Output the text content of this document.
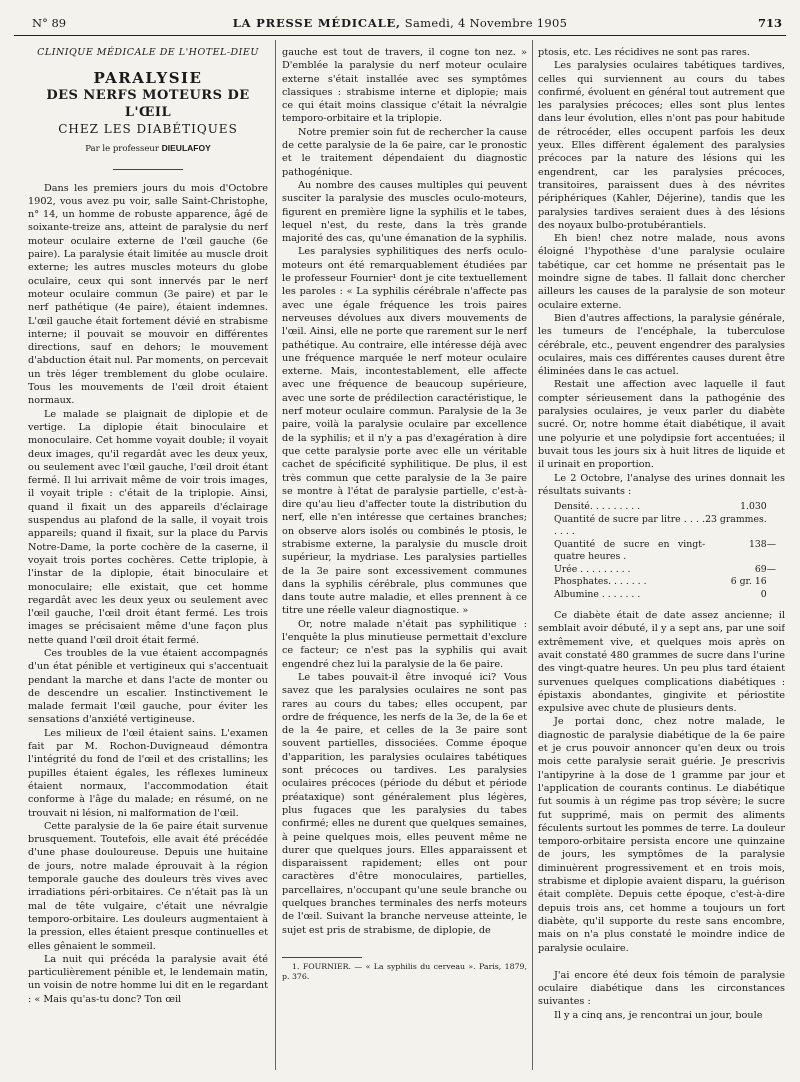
N° 89	LA PRESSE MÉDICALE, Samedi, 4 Novembre 1905	713

CLINIQUE MÉDICALE DE L'HOTEL-DIEU

PARALYSIE

DES NERFS MOTEURS DE L'ŒIL

CHEZ LES DIABÉTIQUES

Par le professeur DIEULAFOY

Dans les premiers jours du mois d'Octobre 1902, vous avez pu voir, salle Saint-Christophe, n° 14, un homme de robuste apparence, âgé de soixante-treize ans, atteint de paralysie du nerf moteur oculaire externe de l'œil gauche (6e paire). La paralysie était limitée au muscle droit externe; les autres muscles moteurs du globe oculaire, ceux qui sont innervés par le nerf moteur oculaire commun (3e paire) et par le nerf pathétique (4e paire), étaient indemnes. L'œil gauche était fortement dévié en strabisme interne; il pouvait se mouvoir en différentes directions, sauf en dehors; le mouvement d'abduction était nul. Par moments, on percevait un très léger tremblement du globe oculaire. Tous les mouvements de l'œil droit étaient normaux.

Le malade se plaignait de diplopie et de vertige. La diplopie était binoculaire et monoculaire. Cet homme voyait double; il voyait deux images, qu'il regardât avec les deux yeux, ou seulement avec l'œil gauche, l'œil droit étant fermé. Il lui arrivait même de voir trois images, il voyait triple : c'était de la triplopie. Ainsi, quand il fixait un des appareils d'éclairage suspendus au plafond de la salle, il voyait trois appareils; quand il fixait, sur la place du Parvis Notre-Dame, la porte cochère de la caserne, il voyait trois portes cochères. Cette triplopie, à l'instar de la diplopie, était binoculaire et monoculaire; elle existait, que cet homme regardât avec les deux yeux ou seulement avec l'œil gauche, l'œil droit étant fermé. Les trois images se précisaient même d'une façon plus nette quand l'œil droit était fermé.

Ces troubles de la vue étaient accompagnés d'un état pénible et vertigineux qui s'accentuait pendant la marche et dans l'acte de monter ou de descendre un escalier. Instinctivement le malade fermait l'œil gauche, pour éviter les sensations d'anxiété vertigineuse.

Les milieux de l'œil étaient sains. L'examen fait par M. Rochon-Duvigneaud démontra l'intégrité du fond de l'œil et des cristallins; les pupilles étaient égales, les réflexes lumineux étaient normaux, l'accommodation était conforme à l'âge du malade; en résumé, on ne trouvait ni lésion, ni malformation de l'œil.

Cette paralysie de la 6e paire était survenue brusquement. Toutefois, elle avait été précédée d'une phase douloureuse. Depuis une huitaine de jours, notre malade éprouvait à la région temporale gauche des douleurs très vives avec irradiations péri-orbitaires. Ce n'était pas là un mal de tête vulgaire, c'était une névralgie temporo-orbitaire. Les douleurs augmentaient à la pression, elles étaient presque continuelles et elles gênaient le sommeil.

La nuit qui précéda la paralysie avait été particulièrement pénible et, le lendemain matin, un voisin de notre homme lui dit en le regardant : « Mais qu'as-tu donc? Ton œil

gauche est tout de travers, il cogne ton nez. » D'emblée la paralysie du nerf moteur oculaire externe s'était installée avec ses symptômes classiques : strabisme interne et diplopie; mais ce qui était moins classique c'était la névralgie temporo-orbitaire et la triplopie.

Notre premier soin fut de rechercher la cause de cette paralysie de la 6e paire, car le pronostic et le traitement dépendaient du diagnostic pathogénique.

Au nombre des causes multiples qui peuvent susciter la paralysie des muscles oculo-moteurs, figurent en première ligne la syphilis et le tabes, lequel n'est, du reste, dans la très grande majorité des cas, qu'une émanation de la syphilis.

Les paralysies syphilitiques des nerfs oculo-moteurs ont été remarquablement étudiées par le professeur Fournier¹ dont je cite textuellement les paroles : « La syphilis cérébrale n'affecte pas avec une égale fréquence les trois paires nerveuses dévolues aux divers mouvements de l'œil. Ainsi, elle ne porte que rarement sur le nerf pathétique. Au contraire, elle intéresse déjà avec une fréquence marquée le nerf moteur oculaire externe. Mais, incontestablement, elle affecte avec une fréquence de beaucoup supérieure, avec une sorte de prédilection caractéristique, le nerf moteur oculaire commun. Paralysie de la 3e paire, voilà la paralysie oculaire par excellence de la syphilis; et il n'y a pas d'exagération à dire que cette paralysie porte avec elle un véritable cachet de spécificité syphilitique. De plus, il est très commun que cette paralysie de la 3e paire se montre à l'état de paralysie partielle, c'est-à-dire qu'au lieu d'affecter toute la distribution du nerf, elle n'en intéresse que certaines branches; on observe alors isolés ou combinés le ptosis, le strabisme externe, la paralysie du muscle droit supérieur, la mydriase. Les paralysies partielles de la 3e paire sont excessivement communes dans la syphilis cérébrale, plus communes que dans toute autre maladie, et elles prennent à ce titre une réelle valeur diagnostique. »

Or, notre malade n'était pas syphilitique : l'enquête la plus minutieuse permettait d'exclure ce facteur; ce n'est pas la syphilis qui avait engendré chez lui la paralysie de la 6e paire.

Le tabes pouvait-il être invoqué ici? Vous savez que les paralysies oculaires ne sont pas rares au cours du tabes; elles occupent, par ordre de fréquence, les nerfs de la 3e, de la 6e et de la 4e paire, et celles de la 3e paire sont souvent partielles, dissociées. Comme époque d'apparition, les paralysies oculaires tabétiques sont précoces ou tardives. Les paralysies oculaires précoces (période du début et période préataxique) sont généralement plus légères, plus fugaces que les paralysies du tabes confirmé; elles ne durent que quelques semaines, à peine quelques mois, elles peuvent même ne durer que quelques jours. Elles apparaissent et disparaissent rapidement; elles ont pour caractères d'être monoculaires, partielles, parcellaires, n'occupant qu'une seule branche ou quelques branches terminales des nerfs moteurs de l'œil. Suivant la branche nerveuse atteinte, le sujet est pris de strabisme, de diplopie, de

1. FOURNIER. — « La syphilis du cerveau ». Paris, 1879, p. 376.

ptosis, etc. Les récidives ne sont pas rares.

Les paralysies oculaires tabétiques tardives, celles qui surviennent au cours du tabes confirmé, évoluent en général tout autrement que les paralysies précoces; elles sont plus lentes dans leur évolution, elles n'ont pas pour habitude de rétrocéder, elles occupent parfois les deux yeux. Elles diffèrent également des paralysies précoces par la nature des lésions qui les engendrent, car les paralysies précoces, transitoires, paraissent dues à des névrites périphériques (Kahler, Déjerine), tandis que les paralysies tardives seraient dues à des lésions des noyaux bulbo-protubérantiels.

Eh bien! chez notre malade, nous avons éloigné l'hypothèse d'une paralysie oculaire tabétique, car cet homme ne présentait pas le moindre signe de tabes. Il fallait donc chercher ailleurs les causes de la paralysie de son moteur oculaire externe.

Bien d'autres affections, la paralysie générale, les tumeurs de l'encéphale, la tuberculose cérébrale, etc., peuvent engendrer des paralysies oculaires, mais ces différentes causes durent être éliminées dans le cas actuel.

Restait une affection avec laquelle il faut compter sérieusement dans la pathogénie des paralysies oculaires, je veux parler du diabète sucré. Or, notre homme était diabétique, il avait une polyurie et une polydipsie fort accentuées; il buvait tous les jours six à huit litres de liquide et il urinait en proportion.

Le 2 Octobre, l'analyse des urines donnait les résultats suivants :

Densité. . . . . . . . .	1.030	
Quantité de sucre par litre . . . . . . . .	23 grammes.	
Quantité de sucre en vingt-quatre heures .	138	—
Urée . . . . . . . . .	69	—
Phosphates. . . . . . .	6 gr. 16	
Albumine . . . . . . .	0	

Ce diabète était de date assez ancienne; il semblait avoir débuté, il y a sept ans, par une soif extrêmement vive, et quelques mois après on avait constaté 480 grammes de sucre dans l'urine des vingt-quatre heures. Un peu plus tard étaient survenues quelques complications diabétiques : épistaxis abondantes, gingivite et périostite expulsive avec chute de plusieurs dents.

Je portai donc, chez notre malade, le diagnostic de paralysie diabétique de la 6e paire et je crus pouvoir annoncer qu'en deux ou trois mois cette paralysie serait guérie. Je prescrivis l'antipyrine à la dose de 1 gramme par jour et l'application de courants continus. Le diabétique fut soumis à un régime pas trop sévère; le sucre fut supprimé, mais on permit des aliments féculents surtout les pommes de terre. La douleur temporo-orbitaire persista encore une quinzaine de jours, les symptômes de la paralysie diminuèrent progressivement et en trois mois, strabisme et diplopie avaient disparu, la guérison était complète. Depuis cette époque, c'est-à-dire depuis trois ans, cet homme a toujours un fort diabète, qu'il supporte du reste sans encombre, mais on n'a plus constaté le moindre indice de paralysie oculaire.

J'ai encore été deux fois témoin de paralysie oculaire diabétique dans les circonstances suivantes :

Il y a cinq ans, je rencontrai un jour, boule
